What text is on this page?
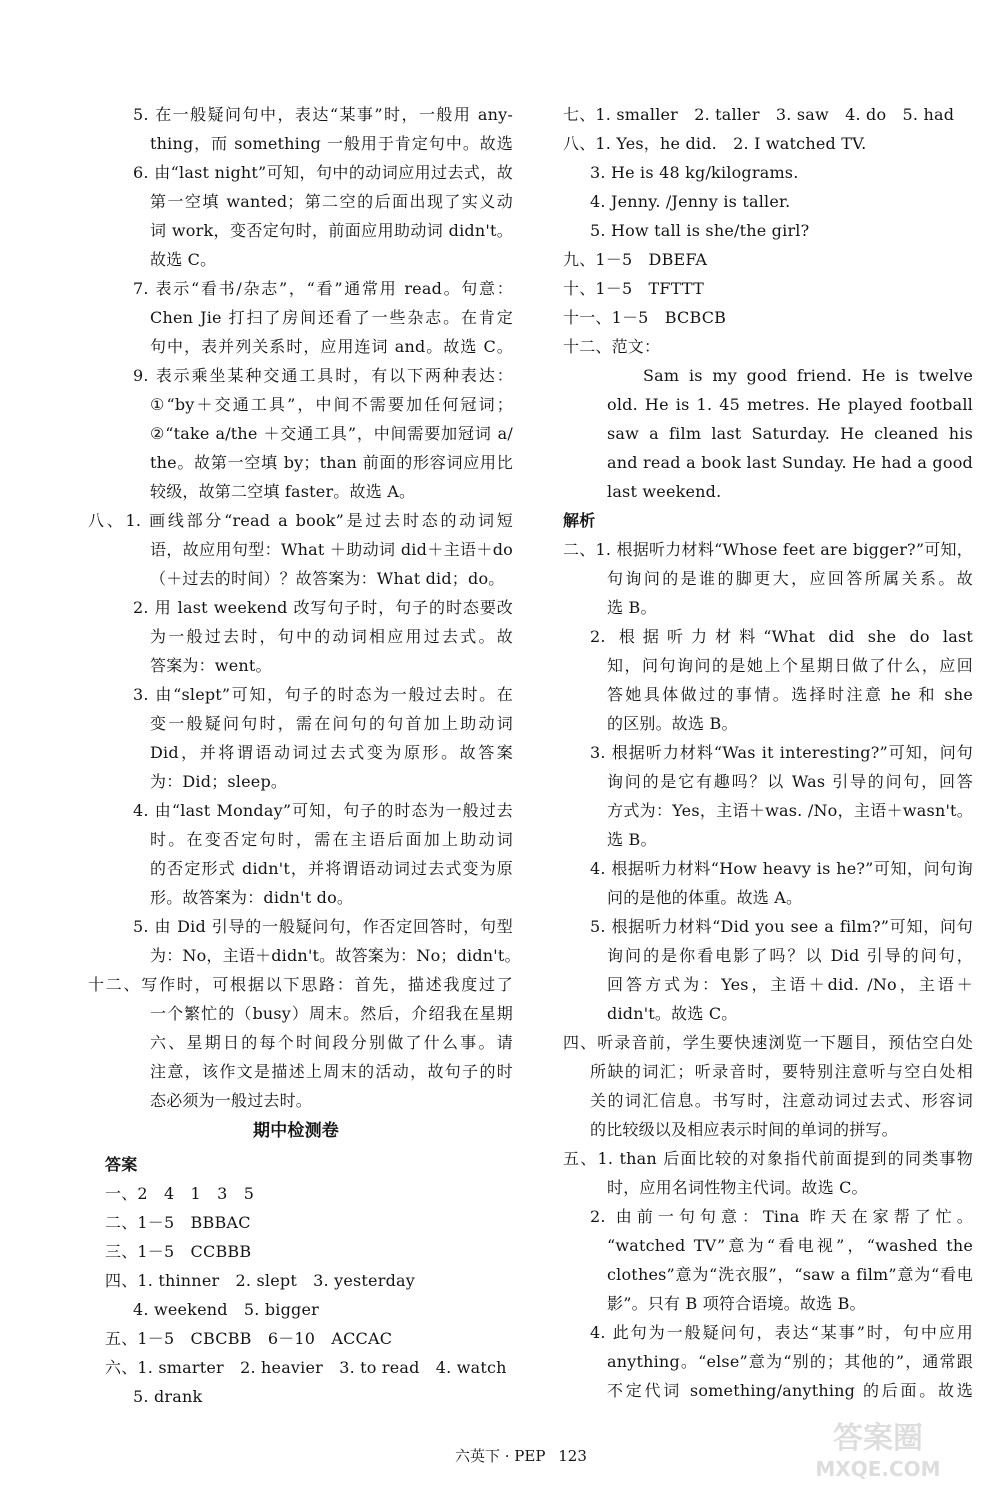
5. 在一般疑问句中，表达“某事”时，一般用 any-
thing，而 something 一般用于肯定句中。故选
6. 由“last night”可知，句中的动词应用过去式，故
第一空填 wanted；第二空的后面出现了实义动
词 work，变否定句时，前面应用助动词 didn't。
故选 C。
7. 表示“看书/杂志”，“看”通常用 read。句意：
Chen Jie 打扫了房间还看了一些杂志。在肯定
句中，表并列关系时，应用连词 and。故选 C。
9. 表示乘坐某种交通工具时，有以下两种表达：
①“by＋交通工具”，中间不需要加任何冠词；
②“take a/the ＋交通工具”，中间需要加冠词 a/
the。故第一空填 by；than 前面的形容词应用比
较级，故第二空填 faster。故选 A。
八、1. 画线部分“read a book”是过去时态的动词短
语，故应用句型：What ＋助动词 did＋主语＋do
（＋过去的时间）？故答案为：What did；do。
2. 用 last weekend 改写句子时，句子的时态要改
为一般过去时，句中的动词相应用过去式。故
答案为：went。
3. 由“slept”可知，句子的时态为一般过去时。在
变一般疑问句时，需在问句的句首加上助动词
Did，并将谓语动词过去式变为原形。故答案
为：Did；sleep。
4. 由“last Monday”可知，句子的时态为一般过去
时。在变否定句时，需在主语后面加上助动词
的否定形式 didn't，并将谓语动词过去式变为原
形。故答案为：didn't do。
5. 由 Did 引导的一般疑问句，作否定回答时，句型
为：No，主语＋didn't。故答案为：No；didn't。
十二、写作时，可根据以下思路：首先，描述我度过了
一个繁忙的（busy）周末。然后，介绍我在星期
六、星期日的每个时间段分别做了什么事。请
注意，该作文是描述上周末的活动，故句子的时
态必须为一般过去时。
答案
一、2　4　1　3　5
二、1－5　BBBAC
三、1－5　CCBBB
四、1. thinner　2. slept　3. yesterday
4. weekend　5. bigger
五、1－5　CBCBB　6－10　ACCAC
六、1. smarter　2. heavier　3. to read　4. watch
5. drank
期中检测卷
七、1. smaller　2. taller　3. saw　4. do　5. had
八、1. Yes，he did.　2. I watched TV.
3. He is 48 kg/kilograms.
4. Jenny. /Jenny is taller.
5. How tall is she/the girl?
九、1－5　DBEFA
十、1－5　TFTTT
十一、1－5　BCBCB
十二、范文：
Sam is my good friend. He is twelve
old. He is 1. 45 metres. He played football
saw a film last Saturday. He cleaned his
and read a book last Sunday. He had a good
last weekend.
解析
二、1. 根据听力材料“Whose feet are bigger?”可知，
句询问的是谁的脚更大，应回答所属关系。故
选 B。
2. 根据听力材料“What did she do last
知，问句询问的是她上个星期日做了什么，应回
答她具体做过的事情。选择时注意 he 和 she
的区别。故选 B。
3. 根据听力材料“Was it interesting?”可知，问句
询问的是它有趣吗？以 Was 引导的问句，回答
方式为：Yes，主语＋was. /No，主语＋wasn't。
选 B。
4. 根据听力材料“How heavy is he?”可知，问句询
问的是他的体重。故选 A。
5. 根据听力材料“Did you see a film?”可知，问句
询问的是你看电影了吗？以 Did 引导的问句，
回答方式为：Yes，主语＋did. /No，主语＋
didn't。故选 C。
四、听录音前，学生要快速浏览一下题目，预估空白处
所缺的词汇；听录音时，要特别注意听与空白处相
关的词汇信息。书写时，注意动词过去式、形容词
的比较级以及相应表示时间的单词的拼写。
五、1. than 后面比较的对象指代前面提到的同类事物
时，应用名词性物主代词。故选 C。
2. 由前一句句意：Tina 昨天在家帮了忙。
“watched TV”意为“看电视”，“washed the
clothes”意为“洗衣服”，“saw a film”意为“看电
影”。只有 B 项符合语境。故选 B。
4. 此句为一般疑问句，表达“某事”时，句中应用
anything。“else”意为“别的；其他的”，通常跟
不定代词 something/anything 的后面。故选
六英下 · PEP 123	答案圈
MXQE.COM
